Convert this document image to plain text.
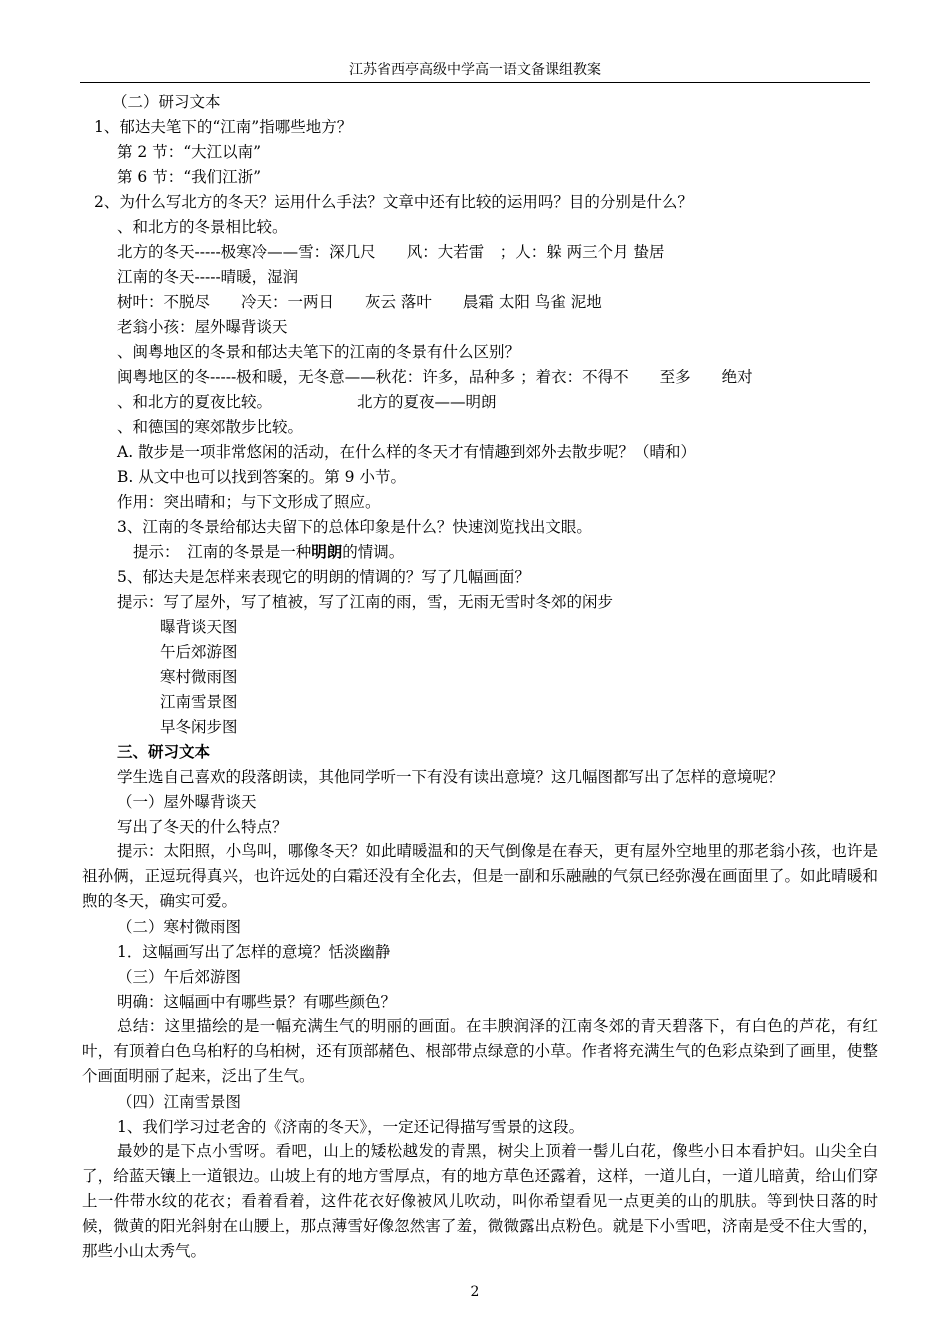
江苏省西亭高级中学高一语文备课组教案
（二）研习文本
1、郁达夫笔下的“江南”指哪些地方？
第 2 节：“大江以南”
第 6 节：“我们江浙”
2、为什么写北方的冬天？运用什么手法？文章中还有比较的运用吗？目的分别是什么？
、和北方的冬景相比较。
北方的冬天-----极寒冷——雪：深几尺　　风：大若雷　；人：躲 两三个月 蛰居
江南的冬天-----晴暖，湿润
树叶：不脱尽　　冷天：一两日　　灰云 落叶　　晨霜 太阳 鸟雀 泥地
老翁小孩：屋外曝背谈天
、闽粤地区的冬景和郁达夫笔下的江南的冬景有什么区别？
闽粤地区的冬-----极和暖，无冬意——秋花：许多，品种多 ；着衣：不得不　　至多　　绝对
、和北方的夏夜比较。	北方的夏夜——明朗
、和德国的寒郊散步比较。
A. 散步是一项非常悠闲的活动，在什么样的冬天才有情趣到郊外去散步呢？（晴和）
B. 从文中也可以找到答案的。第 9 小节。
作用：突出晴和；与下文形成了照应。
3、江南的冬景给郁达夫留下的总体印象是什么？快速浏览找出文眼。
提示：　江南的冬景是一种明朗的情调。
5、郁达夫是怎样来表现它的明朗的情调的？写了几幅画面？
提示：写了屋外，写了植被，写了江南的雨，雪，无雨无雪时冬郊的闲步
曝背谈天图
午后郊游图
寒村微雨图
江南雪景图
早冬闲步图
三、研习文本
学生选自己喜欢的段落朗读，其他同学听一下有没有读出意境？这几幅图都写出了怎样的意境呢？
（一）屋外曝背谈天
写出了冬天的什么特点？
提示：太阳照，小鸟叫，哪像冬天？如此晴暖温和的天气倒像是在春天，更有屋外空地里的那老翁小孩，也许是祖孙俩，正逗玩得真兴，也许远处的白霜还没有全化去，但是一副和乐融融的气氛已经弥漫在画面里了。如此晴暖和煦的冬天，确实可爱。
（二）寒村微雨图
1．这幅画写出了怎样的意境？恬淡幽静
（三）午后郊游图
明确：这幅画中有哪些景？有哪些颜色？
总结：这里描绘的是一幅充满生气的明丽的画面。在丰腴润泽的江南冬郊的青天碧落下，有白色的芦花，有红叶，有顶着白色乌桕籽的乌桕树，还有顶部赭色、根部带点绿意的小草。作者将充满生气的色彩点染到了画里，使整个画面明丽了起来，泛出了生气。
（四）江南雪景图
1、我们学习过老舍的《济南的冬天》，一定还记得描写雪景的这段。
最妙的是下点小雪呀。看吧，山上的矮松越发的青黑，树尖上顶着一髻儿白花，像些小日本看护妇。山尖全白了，给蓝天镶上一道银边。山坡上有的地方雪厚点，有的地方草色还露着，这样，一道儿白，一道儿暗黄，给山们穿上一件带水纹的花衣；看着看着，这件花衣好像被风儿吹动，叫你希望看见一点更美的山的肌肤。等到快日落的时候，微黄的阳光斜射在山腰上，那点薄雪好像忽然害了羞，微微露出点粉色。就是下小雪吧，济南是受不住大雪的，那些小山太秀气。
2
